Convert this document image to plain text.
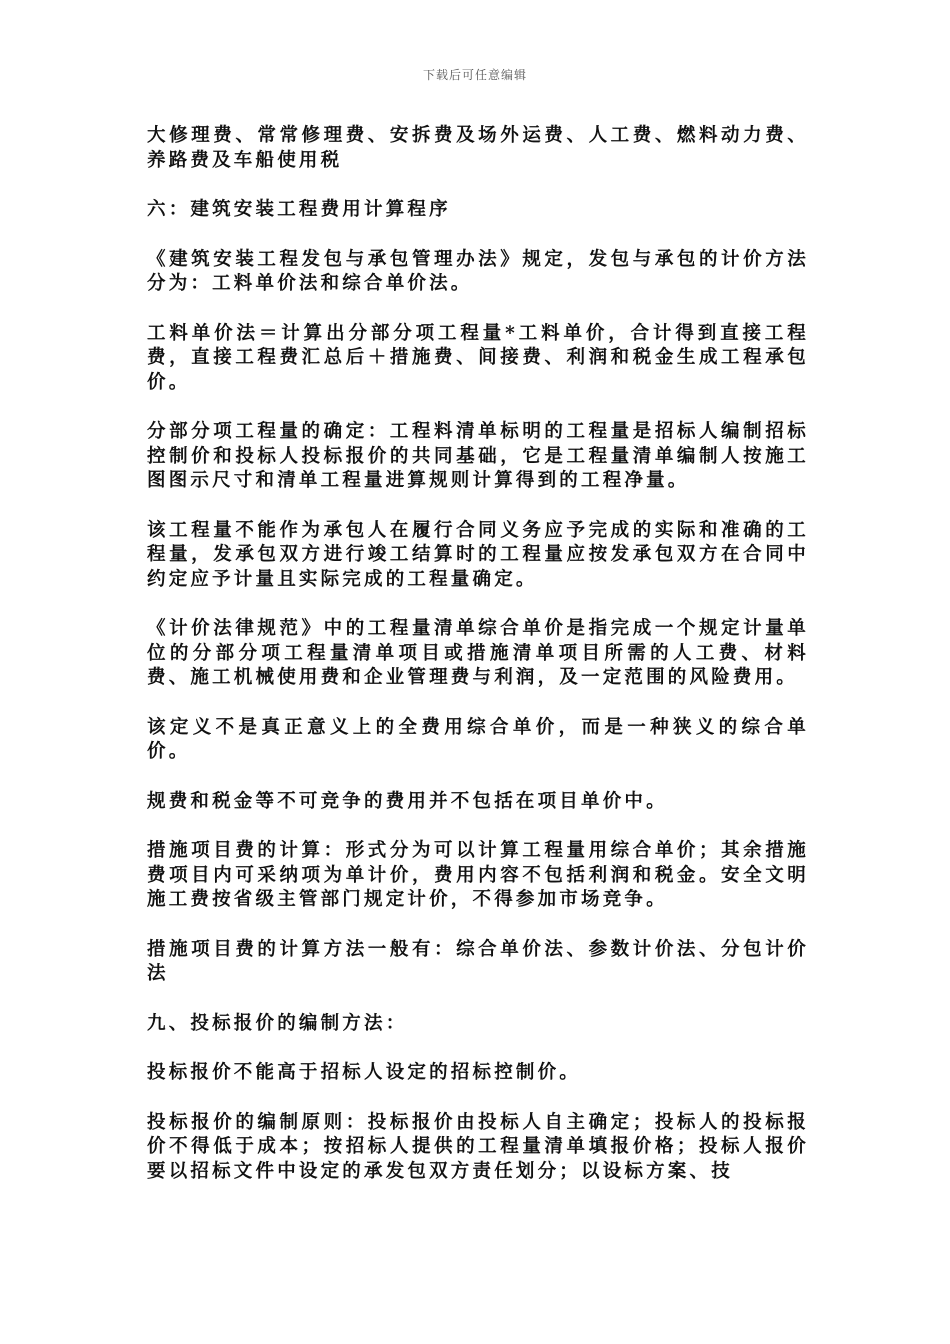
下载后可任意编辑

大修理费、常常修理费、安拆费及场外运费、人工费、燃料动力费、养路费及车船使用税

六：建筑安装工程费用计算程序

《建筑安装工程发包与承包管理办法》规定，发包与承包的计价方法分为：工料单价法和综合单价法。

工料单价法＝计算出分部分项工程量*工料单价，合计得到直接工程费，直接工程费汇总后＋措施费、间接费、利润和税金生成工程承包价。

分部分项工程量的确定：工程料清单标明的工程量是招标人编制招标控制价和投标人投标报价的共同基础，它是工程量清单编制人按施工图图示尺寸和清单工程量进算规则计算得到的工程净量。

该工程量不能作为承包人在履行合同义务应予完成的实际和准确的工程量，发承包双方进行竣工结算时的工程量应按发承包双方在合同中约定应予计量且实际完成的工程量确定。

《计价法律规范》中的工程量清单综合单价是指完成一个规定计量单位的分部分项工程量清单项目或措施清单项目所需的人工费、材料费、施工机械使用费和企业管理费与利润，及一定范围的风险费用。

该定义不是真正意义上的全费用综合单价，而是一种狭义的综合单价。

规费和税金等不可竞争的费用并不包括在项目单价中。

措施项目费的计算：形式分为可以计算工程量用综合单价；其余措施费项目内可采纳项为单计价，费用内容不包括利润和税金。安全文明施工费按省级主管部门规定计价，不得参加市场竞争。

措施项目费的计算方法一般有：综合单价法、参数计价法、分包计价法

九、投标报价的编制方法：

投标报价不能高于招标人设定的招标控制价。

投标报价的编制原则：投标报价由投标人自主确定；投标人的投标报价不得低于成本；按招标人提供的工程量清单填报价格；投标人报价要以招标文件中设定的承发包双方责任划分；以设标方案、技
